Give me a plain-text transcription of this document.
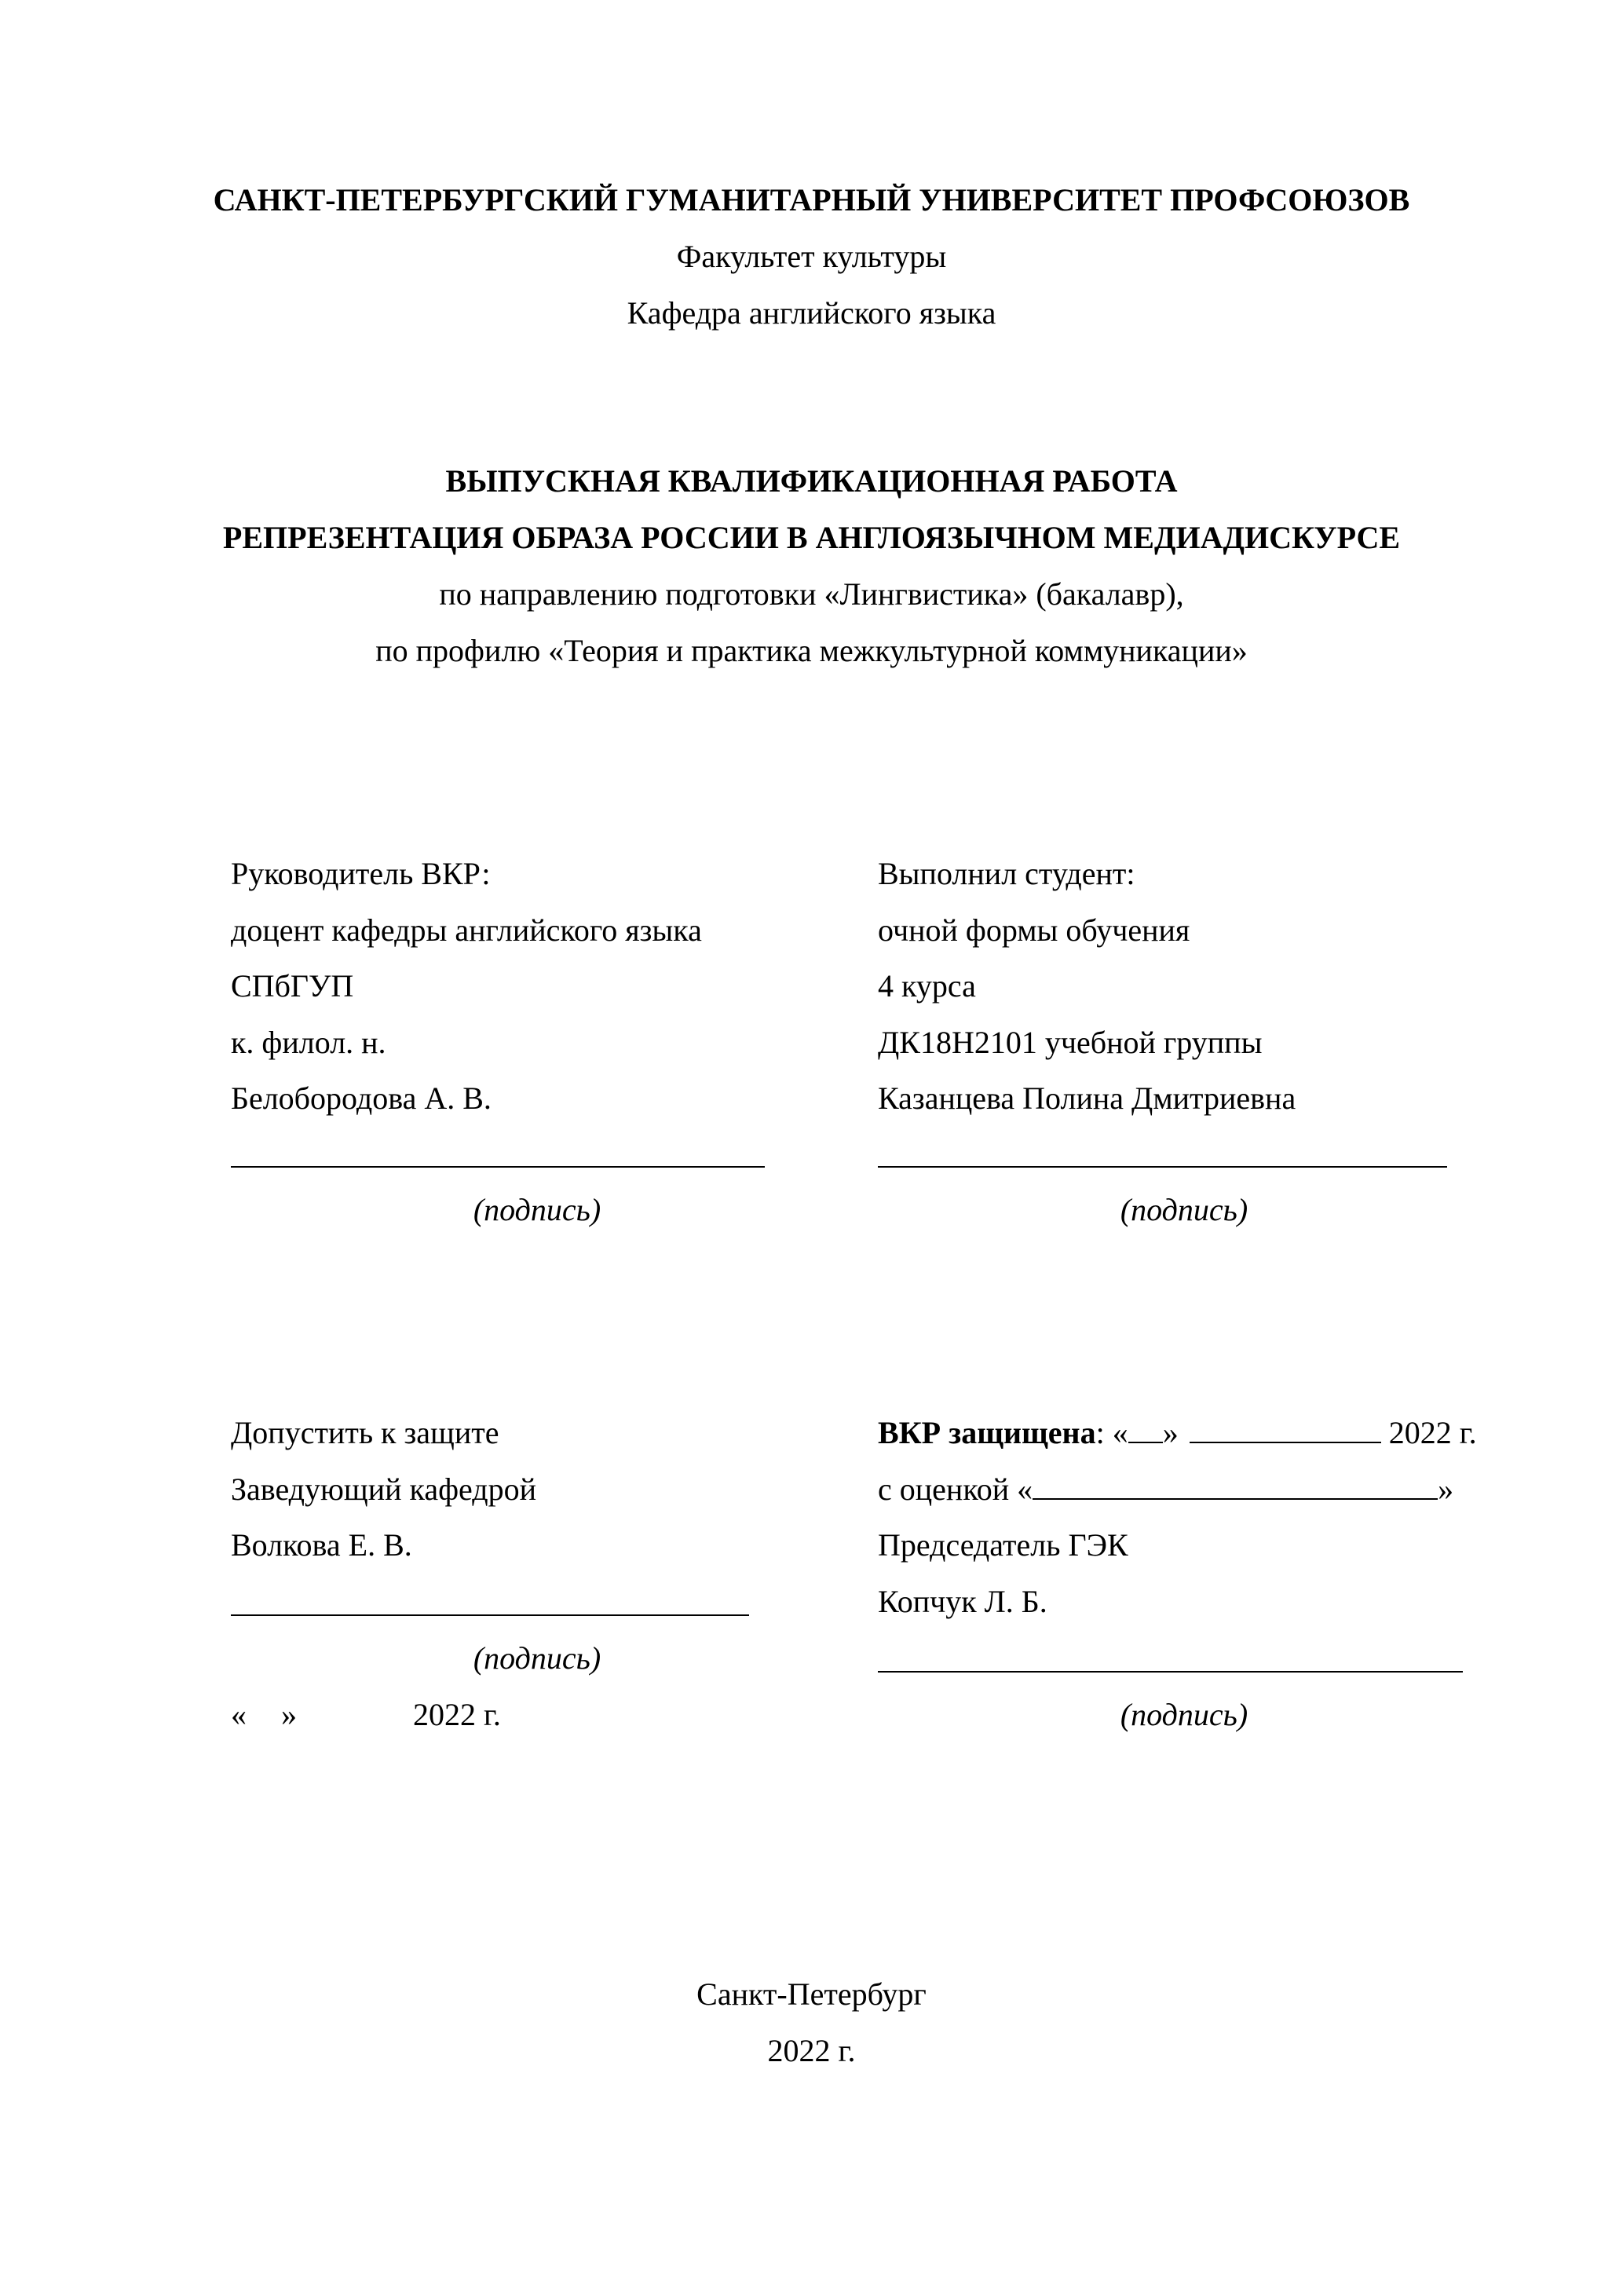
САНКТ-ПЕТЕРБУРГСКИЙ ГУМАНИТАРНЫЙ УНИВЕРСИТЕТ ПРОФСОЮЗОВ
Факультет культуры
Кафедра английского языка
ВЫПУСКНАЯ КВАЛИФИКАЦИОННАЯ РАБОТА
РЕПРЕЗЕНТАЦИЯ ОБРАЗА РОССИИ В АНГЛОЯЗЫЧНОМ МЕДИАДИСКУРСЕ
по направлению подготовки «Лингвистика» (бакалавр),
по профилю «Теория и практика межкультурной коммуникации»
Руководитель ВКР:
доцент кафедры английского языка
СПбГУП
к. филол. н.
Белобородова А. В.
(подпись)
Выполнил студент:
очной формы обучения
4 курса
ДК18Н2101 учебной группы
Казанцева Полина Дмитриевна
(подпись)
Допустить к защите
Заведующий кафедрой
Волкова Е. В.
(подпись)
« »	2022 г.
ВКР защищена: « »	2022 г.
с оценкой «	»
Председатель ГЭК
Копчук Л. Б.
(подпись)
Санкт-Петербург
2022 г.
